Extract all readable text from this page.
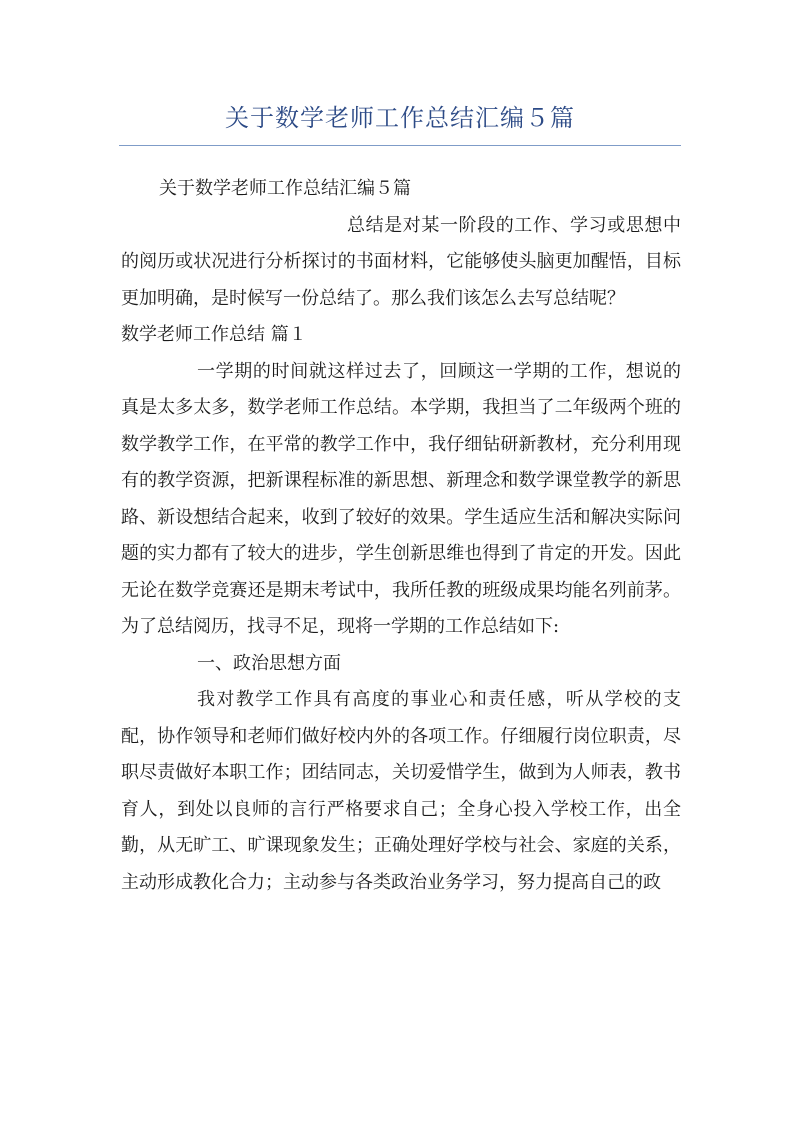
关于数学老师工作总结汇编５篇

关于数学老师工作总结汇编５篇

总结是对某一阶段的工作、学习或思想中的阅历或状况进行分析探讨的书面材料，它能够使头脑更加醒悟，目标更加明确，是时候写一份总结了。那么我们该怎么去写总结呢？

数学老师工作总结 篇１

一学期的时间就这样过去了，回顾这一学期的工作，想说的真是太多太多，数学老师工作总结。本学期，我担当了二年级两个班的数学教学工作，在平常的教学工作中，我仔细钻研新教材，充分利用现有的教学资源，把新课程标准的新思想、新理念和数学课堂教学的新思路、新设想结合起来，收到了较好的效果。学生适应生活和解决实际问题的实力都有了较大的进步，学生创新思维也得到了肯定的开发。因此无论在数学竞赛还是期末考试中，我所任教的班级成果均能名列前茅。为了总结阅历，找寻不足，现将一学期的工作总结如下:

一、政治思想方面

我对教学工作具有高度的事业心和责任感，听从学校的支配，协作领导和老师们做好校内外的各项工作。仔细履行岗位职责，尽职尽责做好本职工作；团结同志，关切爱惜学生，做到为人师表，教书育人，到处以良师的言行严格要求自己；全身心投入学校工作，出全勤，从无旷工、旷课现象发生；正确处理好学校与社会、家庭的关系，主动形成教化合力；主动参与各类政治业务学习，努力提高自己的政
